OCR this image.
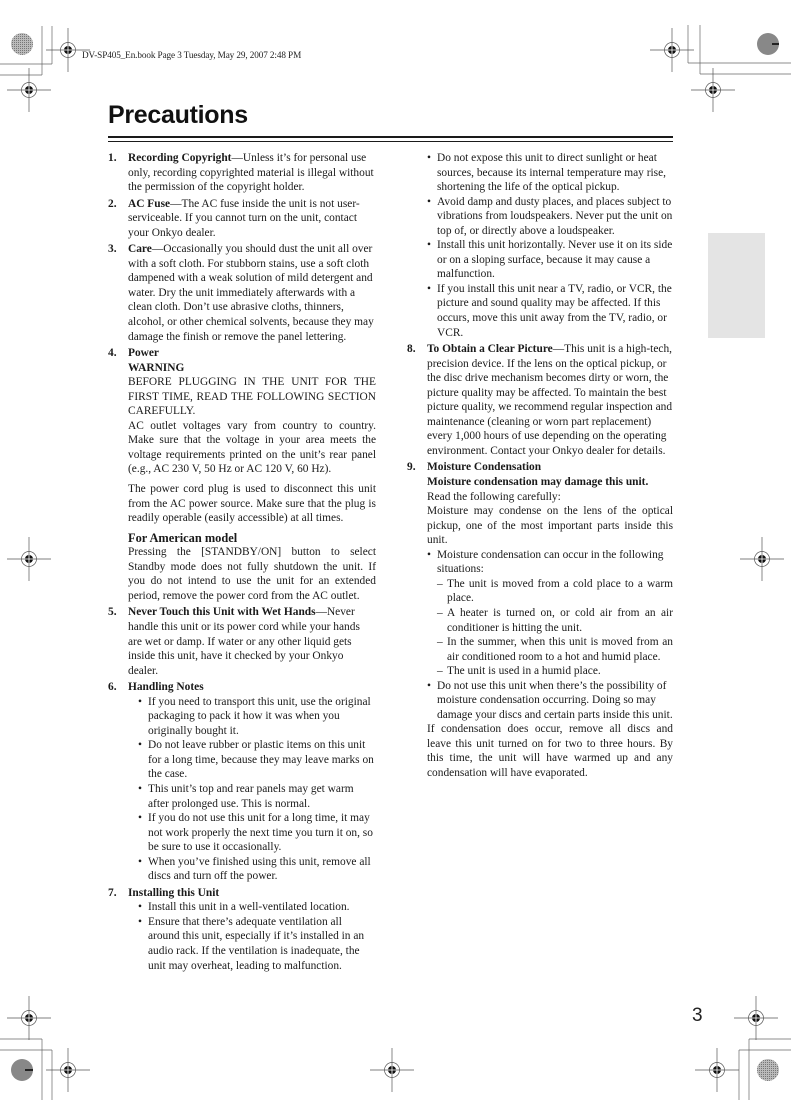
DV-SP405_En.book Page 3 Tuesday, May 29, 2007 2:48 PM
Precautions
1. Recording Copyright—Unless it’s for personal use only, recording copyrighted material is illegal without the permission of the copyright holder.
2. AC Fuse—The AC fuse inside the unit is not user-serviceable. If you cannot turn on the unit, contact your Onkyo dealer.
3. Care—Occasionally you should dust the unit all over with a soft cloth. For stubborn stains, use a soft cloth dampened with a weak solution of mild detergent and water. Dry the unit immediately afterwards with a clean cloth. Don’t use abrasive cloths, thinners, alcohol, or other chemical solvents, because they may damage the finish or remove the panel lettering.
4. Power
WARNING
BEFORE PLUGGING IN THE UNIT FOR THE FIRST TIME, READ THE FOLLOWING SECTION CAREFULLY.
AC outlet voltages vary from country to country. Make sure that the voltage in your area meets the voltage requirements printed on the unit’s rear panel (e.g., AC 230 V, 50 Hz or AC 120 V, 60 Hz).
The power cord plug is used to disconnect this unit from the AC power source. Make sure that the plug is readily operable (easily accessible) at all times.
For American model
Pressing the [STANDBY/ON] button to select Standby mode does not fully shutdown the unit. If you do not intend to use the unit for an extended period, remove the power cord from the AC outlet.
5. Never Touch this Unit with Wet Hands—Never handle this unit or its power cord while your hands are wet or damp. If water or any other liquid gets inside this unit, have it checked by your Onkyo dealer.
6. Handling Notes
• If you need to transport this unit, use the original packaging to pack it how it was when you originally bought it.
• Do not leave rubber or plastic items on this unit for a long time, because they may leave marks on the case.
• This unit’s top and rear panels may get warm after prolonged use. This is normal.
• If you do not use this unit for a long time, it may not work properly the next time you turn it on, so be sure to use it occasionally.
• When you’ve finished using this unit, remove all discs and turn off the power.
7. Installing this Unit
• Install this unit in a well-ventilated location.
• Ensure that there’s adequate ventilation all around this unit, especially if it’s installed in an audio rack. If the ventilation is inadequate, the unit may overheat, leading to malfunction.
• Do not expose this unit to direct sunlight or heat sources, because its internal temperature may rise, shortening the life of the optical pickup.
• Avoid damp and dusty places, and places subject to vibrations from loudspeakers. Never put the unit on top of, or directly above a loudspeaker.
• Install this unit horizontally. Never use it on its side or on a sloping surface, because it may cause a malfunction.
• If you install this unit near a TV, radio, or VCR, the picture and sound quality may be affected. If this occurs, move this unit away from the TV, radio, or VCR.
8. To Obtain a Clear Picture—This unit is a high-tech, precision device. If the lens on the optical pickup, or the disc drive mechanism becomes dirty or worn, the picture quality may be affected. To maintain the best picture quality, we recommend regular inspection and maintenance (cleaning or worn part replacement) every 1,000 hours of use depending on the operating environment. Contact your Onkyo dealer for details.
9. Moisture Condensation
Moisture condensation may damage this unit.
Read the following carefully:
Moisture may condense on the lens of the optical pickup, one of the most important parts inside this unit.
• Moisture condensation can occur in the following situations:
– The unit is moved from a cold place to a warm place.
– A heater is turned on, or cold air from an air conditioner is hitting the unit.
– In the summer, when this unit is moved from an air conditioned room to a hot and humid place.
– The unit is used in a humid place.
• Do not use this unit when there’s the possibility of moisture condensation occurring. Doing so may damage your discs and certain parts inside this unit.
If condensation does occur, remove all discs and leave this unit turned on for two to three hours. By this time, the unit will have warmed up and any condensation will have evaporated.
3
